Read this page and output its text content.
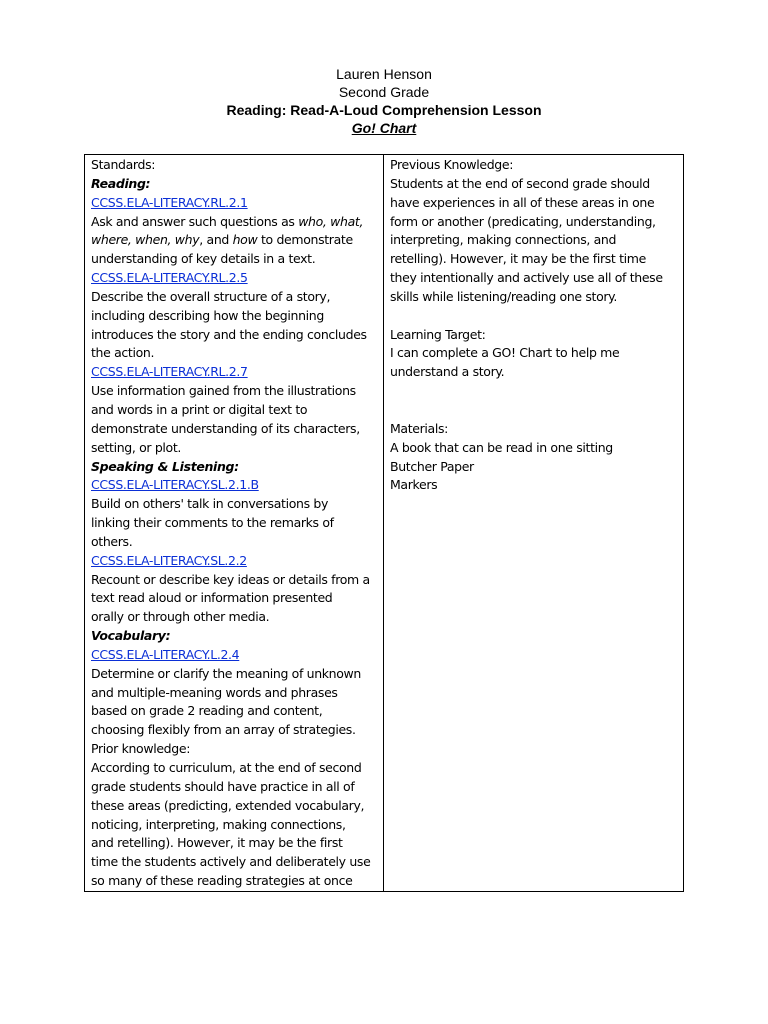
Lauren Henson
Second Grade
Reading: Read-A-Loud Comprehension Lesson
Go! Chart
Standards:
Reading:
CCSS.ELA-LITERACY.RL.2.1
Ask and answer such questions as who, what,
where, when, why, and how to demonstrate
understanding of key details in a text.
CCSS.ELA-LITERACY.RL.2.5
Describe the overall structure of a story,
including describing how the beginning
introduces the story and the ending concludes
the action.
CCSS.ELA-LITERACY.RL.2.7
Use information gained from the illustrations
and words in a print or digital text to
demonstrate understanding of its characters,
setting, or plot.
Speaking & Listening:
CCSS.ELA-LITERACY.SL.2.1.B
Build on others' talk in conversations by
linking their comments to the remarks of
others.
CCSS.ELA-LITERACY.SL.2.2
Recount or describe key ideas or details from a
text read aloud or information presented
orally or through other media.
Vocabulary:
CCSS.ELA-LITERACY.L.2.4
Determine or clarify the meaning of unknown
and multiple-meaning words and phrases
based on grade 2 reading and content,
choosing flexibly from an array of strategies.
Prior knowledge:
According to curriculum, at the end of second
grade students should have practice in all of
these areas (predicting, extended vocabulary,
noticing, interpreting, making connections,
and retelling). However, it may be the first
time the students actively and deliberately use
so many of these reading strategies at once
Previous Knowledge:
Students at the end of second grade should
have experiences in all of these areas in one
form or another (predicating, understanding,
interpreting, making connections, and
retelling). However, it may be the first time
they intentionally and actively use all of these
skills while listening/reading one story.
Learning Target:
I can complete a GO! Chart to help me
understand a story.
Materials:
A book that can be read in one sitting
Butcher Paper
Markers
